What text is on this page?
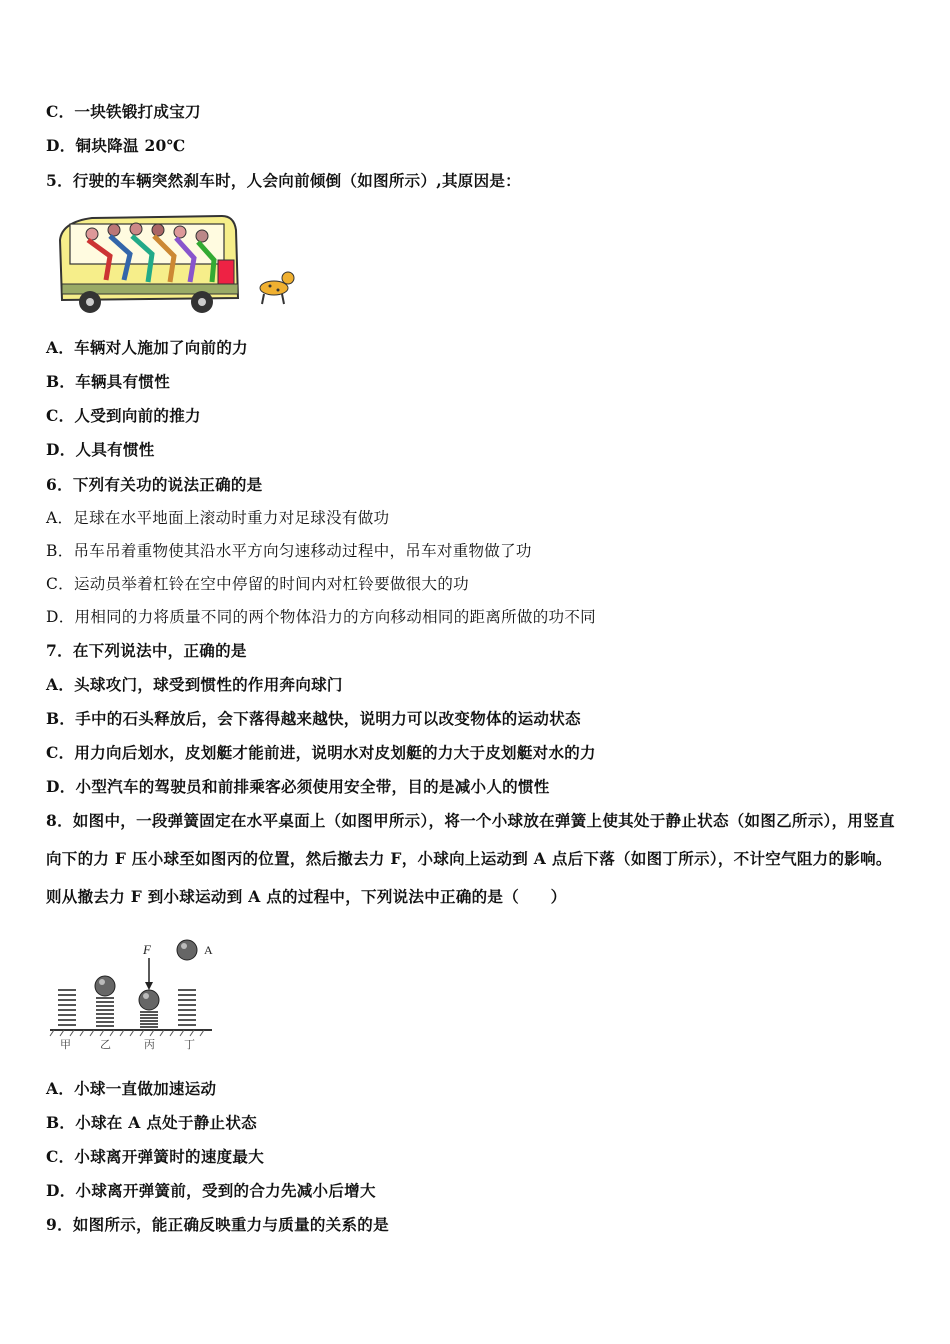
C．一块铁锻打成宝刀
D．铜块降温 20℃
5．行驶的车辆突然刹车时，人会向前倾倒（如图所示）,其原因是：
A．车辆对人施加了向前的力
B．车辆具有惯性
C．人受到向前的推力
D．人具有惯性
6．下列有关功的说法正确的是
A．足球在水平地面上滚动时重力对足球没有做功
B．吊车吊着重物使其沿水平方向匀速移动过程中，吊车对重物做了功
C．运动员举着杠铃在空中停留的时间内对杠铃要做很大的功
D．用相同的力将质量不同的两个物体沿力的方向移动相同的距离所做的功不同
7．在下列说法中，正确的是
A．头球攻门，球受到惯性的作用奔向球门
B．手中的石头释放后，会下落得越来越快，说明力可以改变物体的运动状态
C．用力向后划水，皮划艇才能前进，说明水对皮划艇的力大于皮划艇对水的力
D．小型汽车的驾驶员和前排乘客必须使用安全带，目的是减小人的惯性
8．如图中，一段弹簧固定在水平桌面上（如图甲所示），将一个小球放在弹簧上使其处于静止状态（如图乙所示），用竖直向下的力 F 压小球至如图丙的位置，然后撤去力 F，小球向上运动到 A 点后下落（如图丁所示），不计空气阻力的影响。则从撤去力 F 到小球运动到 A 点的过程中，下列说法中正确的是（　　）
F	A
甲	乙	丙	丁
A．小球一直做加速运动
B．小球在 A 点处于静止状态
C．小球离开弹簧时的速度最大
D．小球离开弹簧前，受到的合力先减小后增大
9．如图所示，能正确反映重力与质量的关系的是
